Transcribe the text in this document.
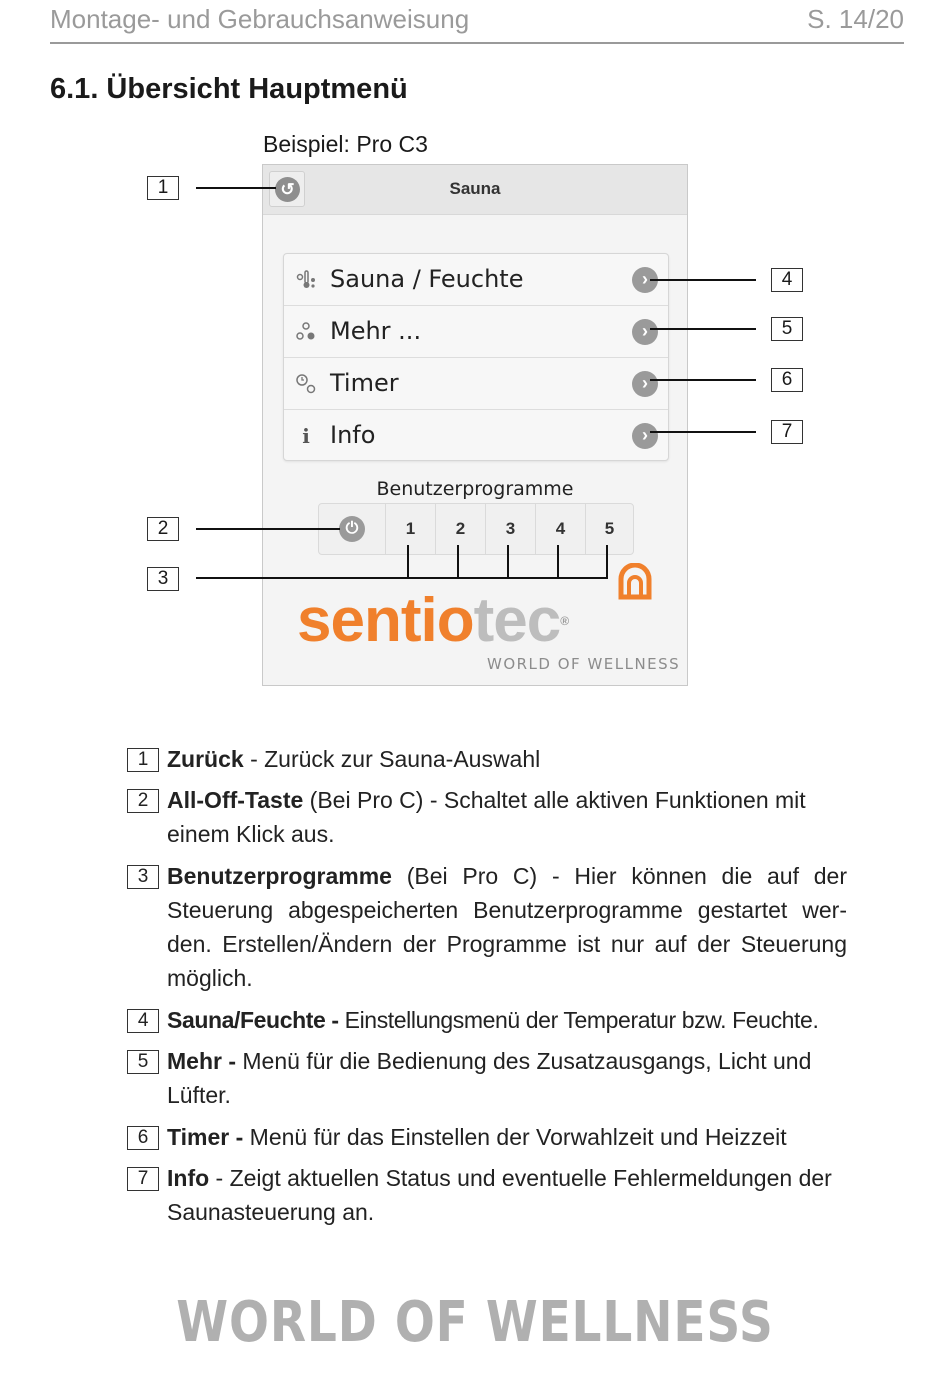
Montage- und Gebrauchsanweisung	S. 14/20
6.1. Übersicht Hauptmenü
Beispiel: Pro C3
↺	Sauna
Sauna / Feuchte	›
Mehr ...	›
Timer	›
i Info	›
Benutzerprogramme
⏻	1	2	3	4	5
sentiotec®
WORLD OF WELLNESS
1
2
3
4
5
6
7
1 Zurück - Zurück zur Sauna-Auswahl
2 All-Off-Taste (Bei Pro C) - Schaltet alle aktiven Funktionen mit einem Klick aus.
3 Benutzerprogramme (Bei Pro C) - Hier können die auf der Steuerung abgespeicherten Benutzerprogramme gestartet wer-den. Erstellen/Ändern der Programme ist nur auf der Steuerung möglich.
4 Sauna/Feuchte - Einstellungsmenü der Temperatur bzw. Feuchte.
5 Mehr - Menü für die Bedienung des Zusatzausgangs, Licht und Lüfter.
6 Timer - Menü für das Einstellen der Vorwahlzeit und Heizzeit
7 Info - Zeigt aktuellen Status und eventuelle Fehlermeldungen der Saunasteuerung an.
WORLD OF WELLNESS
